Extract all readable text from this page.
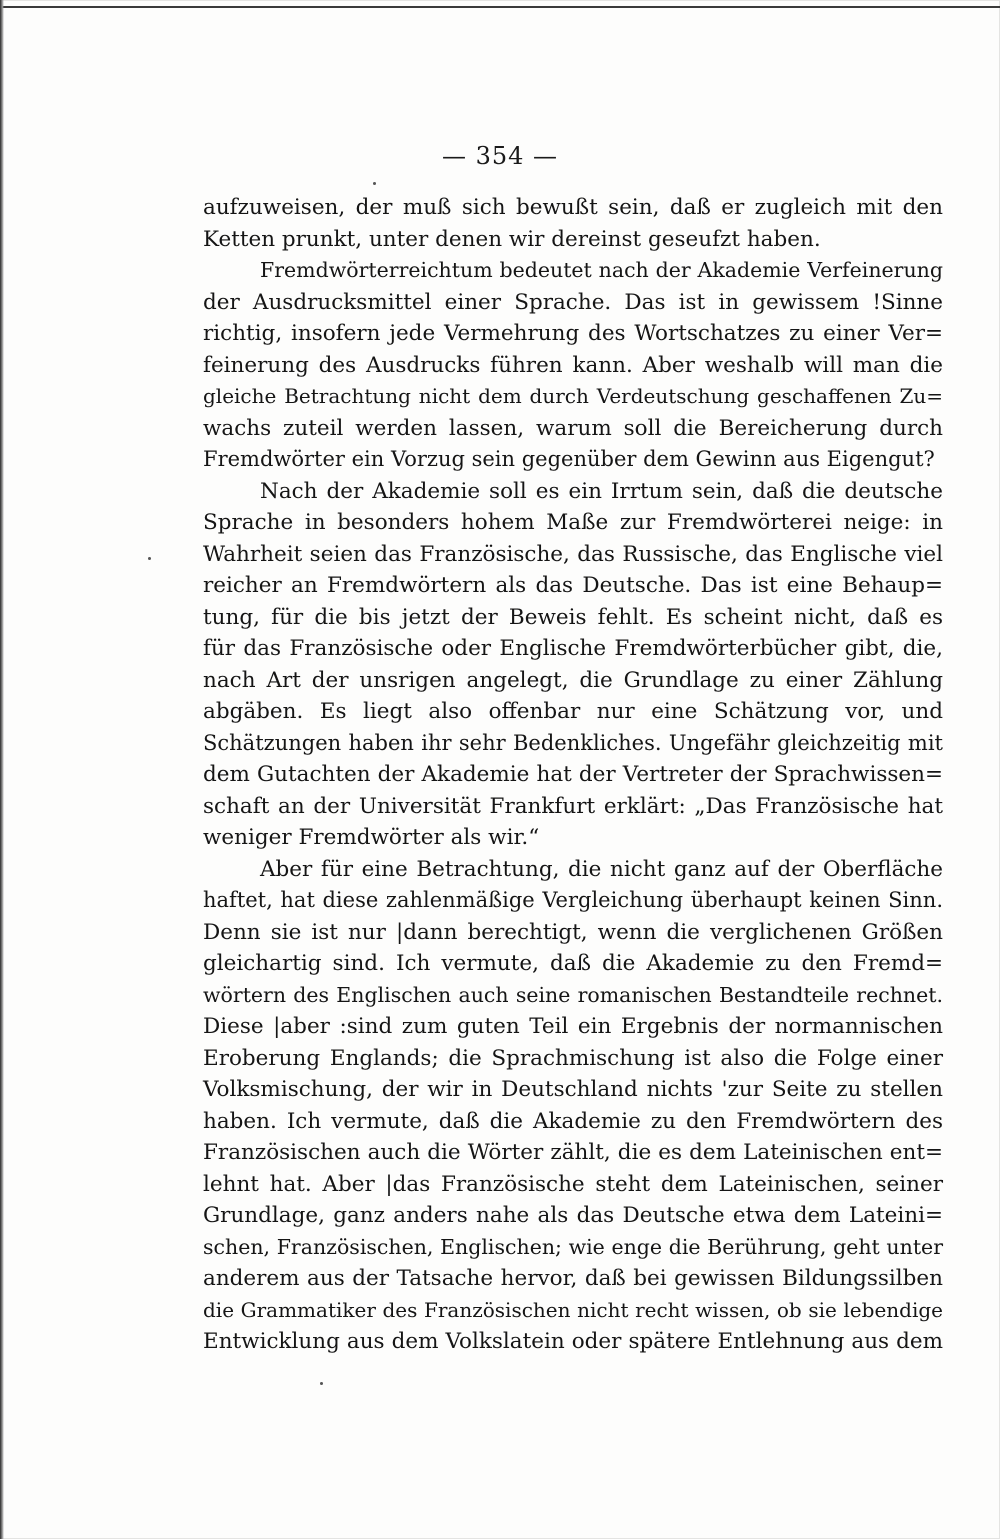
— 354 —
aufzuweisen, der muß sich bewußt sein, daß er zugleich mit den
Ketten prunkt, unter denen wir dereinst geseufzt haben.
Fremdwörterreichtum bedeutet nach der Akademie Verfeinerung
der Ausdrucksmittel einer Sprache. Das ist in gewissem !Sinne
richtig, insofern jede Vermehrung des Wortschatzes zu einer Ver=
feinerung des Ausdrucks führen kann. Aber weshalb will man die
gleiche Betrachtung nicht dem durch Verdeutschung geschaffenen Zu=
wachs zuteil werden lassen, warum soll die Bereicherung durch
Fremdwörter ein Vorzug sein gegenüber dem Gewinn aus Eigengut?
Nach der Akademie soll es ein Irrtum sein, daß die deutsche
Sprache in besonders hohem Maße zur Fremdwörterei neige: in
Wahrheit seien das Französische, das Russische, das Englische viel
reicher an Fremdwörtern als das Deutsche. Das ist eine Behaup=
tung, für die bis jetzt der Beweis fehlt. Es scheint nicht, daß es
für das Französische oder Englische Fremdwörterbücher gibt, die,
nach Art der unsrigen angelegt, die Grundlage zu einer Zählung
abgäben. Es liegt also offenbar nur eine Schätzung vor, und
Schätzungen haben ihr sehr Bedenkliches. Ungefähr gleichzeitig mit
dem Gutachten der Akademie hat der Vertreter der Sprachwissen=
schaft an der Universität Frankfurt erklärt: „Das Französische hat
weniger Fremdwörter als wir.“
Aber für eine Betrachtung, die nicht ganz auf der Oberfläche
haftet, hat diese zahlenmäßige Vergleichung überhaupt keinen Sinn.
Denn sie ist nur |dann berechtigt, wenn die verglichenen Größen
gleichartig sind. Ich vermute, daß die Akademie zu den Fremd=
wörtern des Englischen auch seine romanischen Bestandteile rechnet.
Diese |aber :sind zum guten Teil ein Ergebnis der normannischen
Eroberung Englands; die Sprachmischung ist also die Folge einer
Volksmischung, der wir in Deutschland nichts 'zur Seite zu stellen
haben. Ich vermute, daß die Akademie zu den Fremdwörtern des
Französischen auch die Wörter zählt, die es dem Lateinischen ent=
lehnt hat. Aber |das Französische steht dem Lateinischen, seiner
Grundlage, ganz anders nahe als das Deutsche etwa dem Lateini=
schen, Französischen, Englischen; wie enge die Berührung, geht unter
anderem aus der Tatsache hervor, daß bei gewissen Bildungssilben
die Grammatiker des Französischen nicht recht wissen, ob sie lebendige
Entwicklung aus dem Volkslatein oder spätere Entlehnung aus dem
